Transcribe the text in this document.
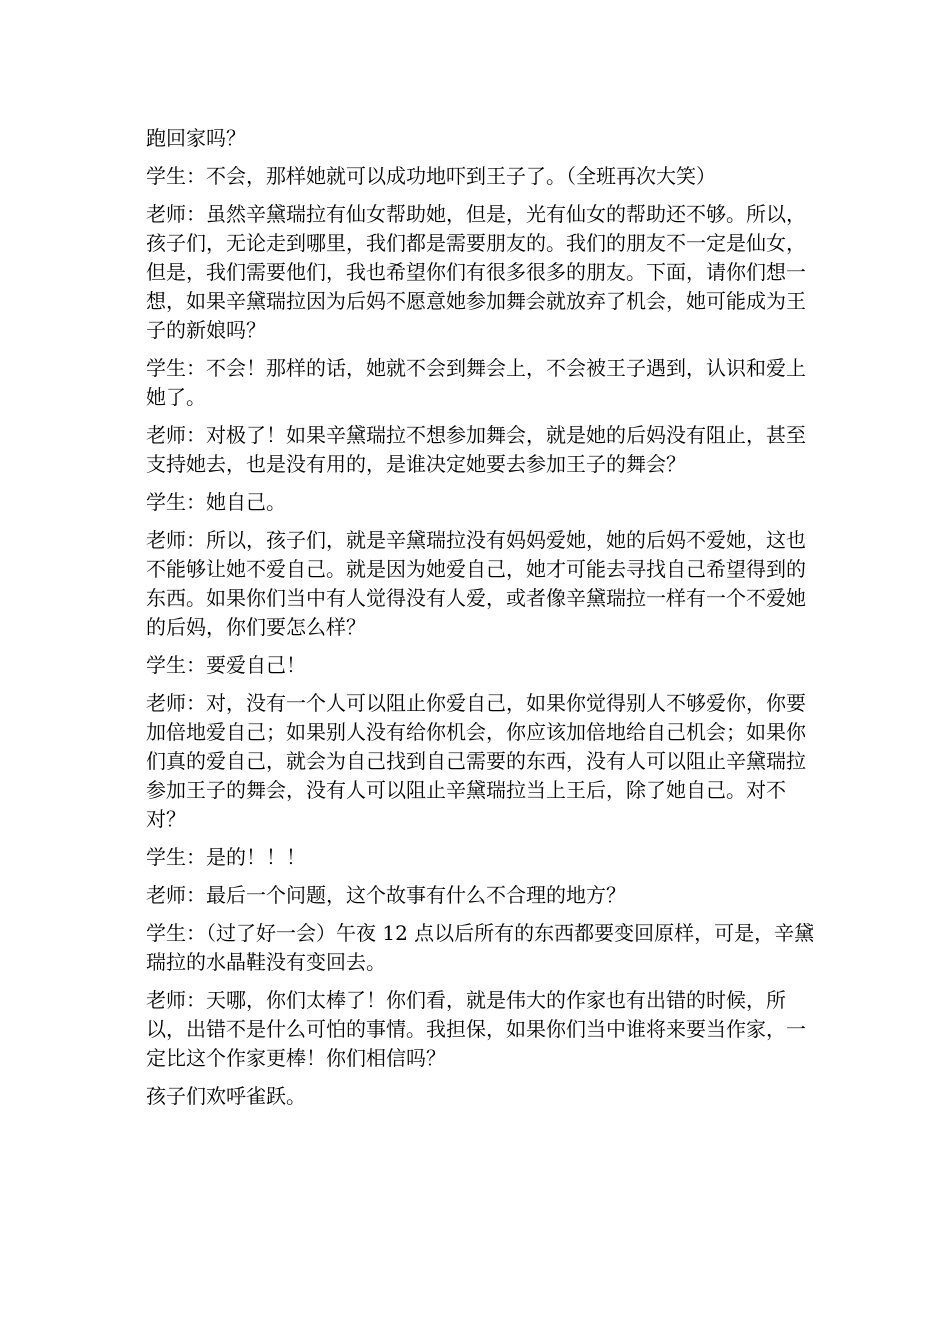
跑回家吗？

学生：不会，那样她就可以成功地吓到王子了。（全班再次大笑）

老师：虽然辛黛瑞拉有仙女帮助她，但是，光有仙女的帮助还不够。所以，孩子们，无论走到哪里，我们都是需要朋友的。我们的朋友不一定是仙女，但是，我们需要他们，我也希望你们有很多很多的朋友。下面，请你们想一想，如果辛黛瑞拉因为后妈不愿意她参加舞会就放弃了机会，她可能成为王子的新娘吗？

学生：不会！那样的话，她就不会到舞会上，不会被王子遇到，认识和爱上她了。

老师：对极了！如果辛黛瑞拉不想参加舞会，就是她的后妈没有阻止，甚至支持她去，也是没有用的，是谁决定她要去参加王子的舞会？

学生：她自己。

老师：所以，孩子们，就是辛黛瑞拉没有妈妈爱她，她的后妈不爱她，这也不能够让她不爱自己。就是因为她爱自己，她才可能去寻找自己希望得到的东西。如果你们当中有人觉得没有人爱，或者像辛黛瑞拉一样有一个不爱她的后妈，你们要怎么样？

学生：要爱自己！

老师：对，没有一个人可以阻止你爱自己，如果你觉得别人不够爱你，你要加倍地爱自己；如果别人没有给你机会，你应该加倍地给自己机会；如果你们真的爱自己，就会为自己找到自己需要的东西，没有人可以阻止辛黛瑞拉参加王子的舞会，没有人可以阻止辛黛瑞拉当上王后，除了她自己。对不对？

学生：是的！！！

老师：最后一个问题，这个故事有什么不合理的地方？

学生：（过了好一会）午夜 12 点以后所有的东西都要变回原样，可是，辛黛瑞拉的水晶鞋没有变回去。

老师：天哪，你们太棒了！你们看，就是伟大的作家也有出错的时候，所以，出错不是什么可怕的事情。我担保，如果你们当中谁将来要当作家，一定比这个作家更棒！你们相信吗？

孩子们欢呼雀跃。
